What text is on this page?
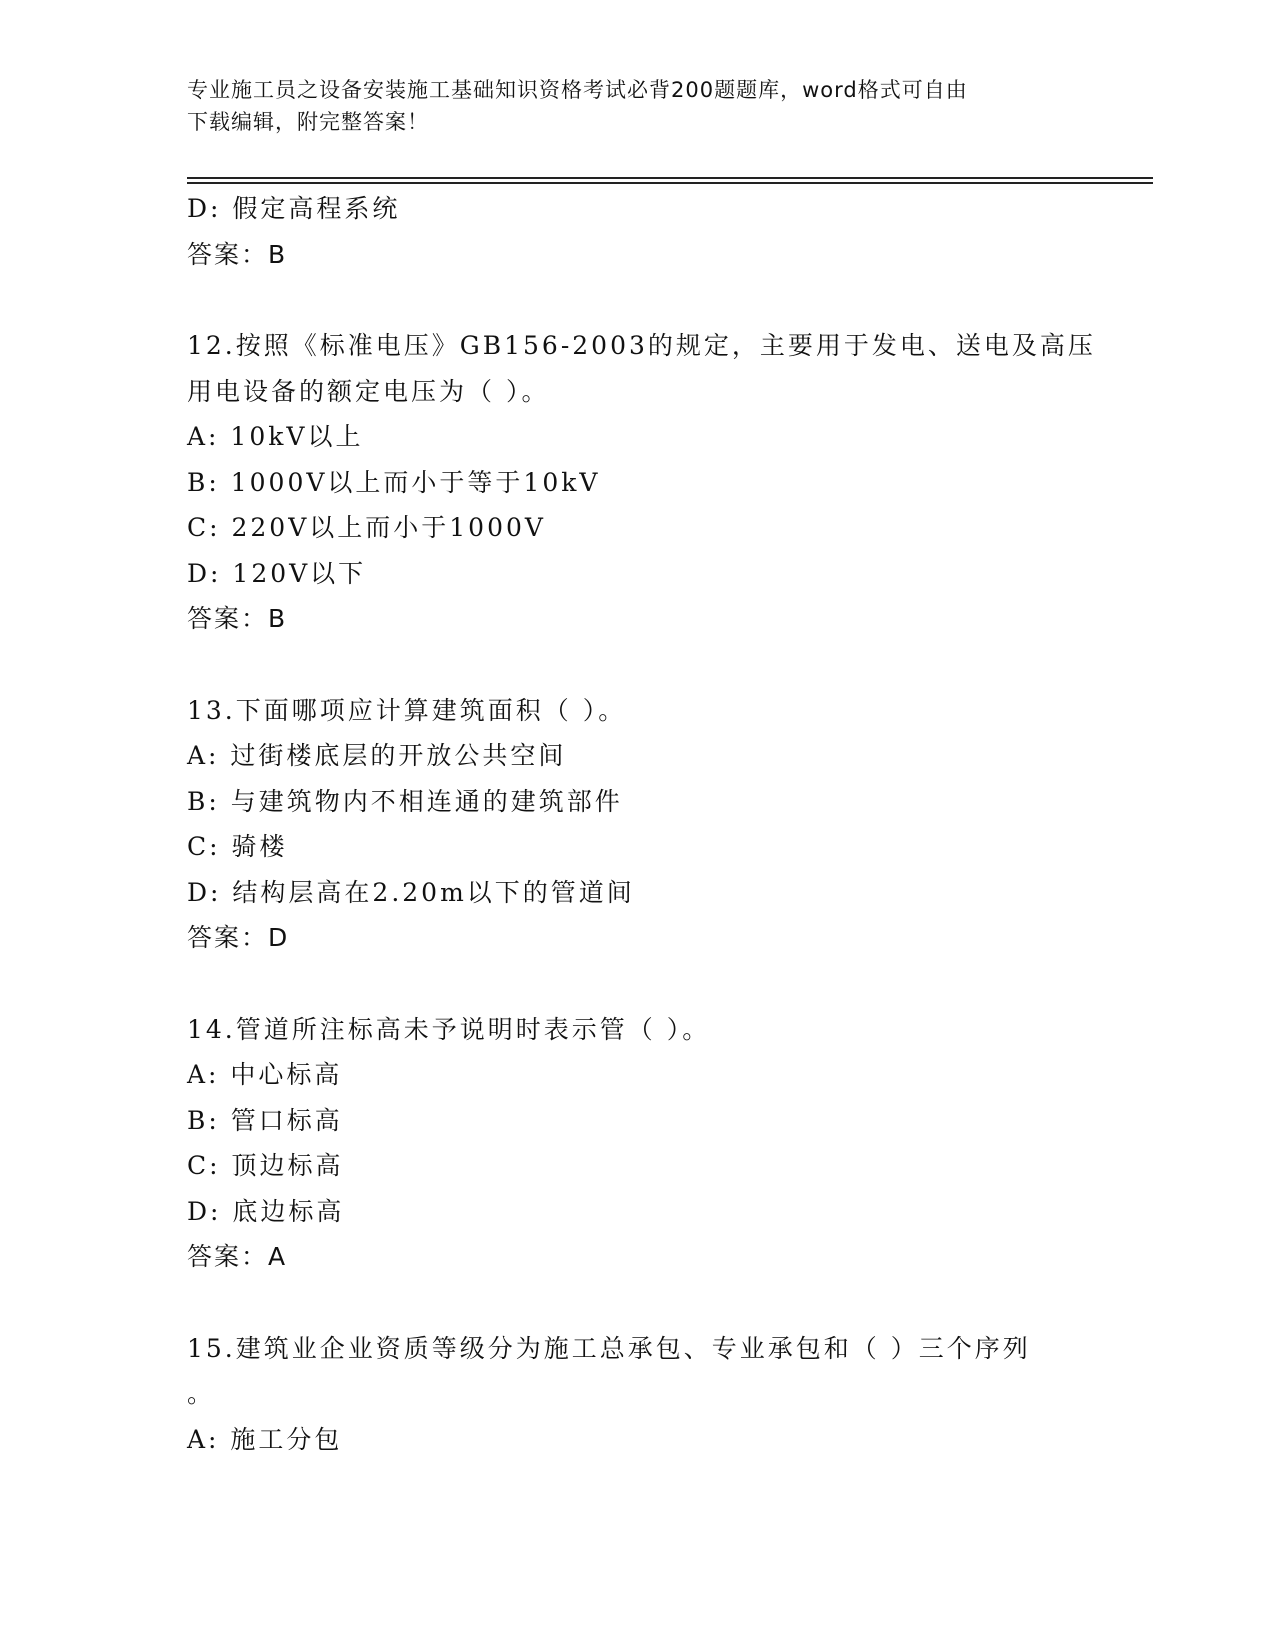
专业施工员之设备安装施工基础知识资格考试必背200题题库，word格式可自由
下载编辑，附完整答案！
D: 假定高程系统
答案：B
12.按照《标准电压》GB156-2003的规定，主要用于发电、送电及高压
用电设备的额定电压为（ ）。
A: 10kV以上
B: 1000V以上而小于等于10kV
C: 220V以上而小于1000V
D: 120V以下
答案：B
13.下面哪项应计算建筑面积（ ）。
A: 过街楼底层的开放公共空间
B: 与建筑物内不相连通的建筑部件
C: 骑楼
D: 结构层高在2.20m以下的管道间
答案：D
14.管道所注标高未予说明时表示管（ ）。
A: 中心标高
B: 管口标高
C: 顶边标高
D: 底边标高
答案：A
15.建筑业企业资质等级分为施工总承包、专业承包和（ ）三个序列
。
A: 施工分包
